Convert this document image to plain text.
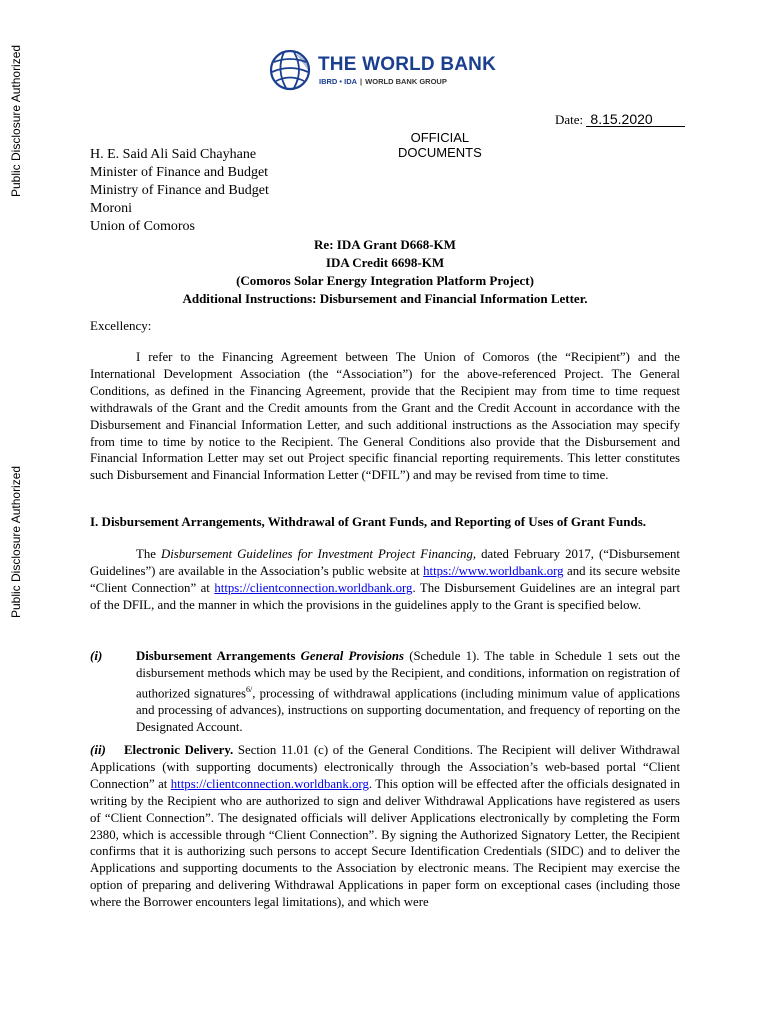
Public Disclosure Authorized
Public Disclosure Authorized
THE WORLD BANK
IBRD • IDA | WORLD BANK GROUP
Date: 8.15.2020
OFFICIAL
DOCUMENTS
H. E. Said Ali Said Chayhane
Minister of Finance and Budget
Ministry of Finance and Budget
Moroni
Union of Comoros
Re: IDA Grant D668-KM
IDA Credit 6698-KM
(Comoros Solar Energy Integration Platform Project)
Additional Instructions: Disbursement and Financial Information Letter.
Excellency:
I refer to the Financing Agreement between The Union of Comoros (the “Recipient”) and the International Development Association (the “Association”) for the above-referenced Project. The General Conditions, as defined in the Financing Agreement, provide that the Recipient may from time to time request withdrawals of the Grant and the Credit amounts from the Grant and the Credit Account in accordance with the Disbursement and Financial Information Letter, and such additional instructions as the Association may specify from time to time by notice to the Recipient. The General Conditions also provide that the Disbursement and Financial Information Letter may set out Project specific financial reporting requirements. This letter constitutes such Disbursement and Financial Information Letter (“DFIL”) and may be revised from time to time.
I. Disbursement Arrangements, Withdrawal of Grant Funds, and Reporting of Uses of Grant Funds.
The Disbursement Guidelines for Investment Project Financing, dated February 2017, (“Disbursement Guidelines”) are available in the Association’s public website at https://www.worldbank.org and its secure website “Client Connection” at https://clientconnection.worldbank.org. The Disbursement Guidelines are an integral part of the DFIL, and the manner in which the provisions in the guidelines apply to the Grant is specified below.
(i)	Disbursement Arrangements General Provisions (Schedule 1). The table in Schedule 1 sets out the disbursement methods which may be used by the Recipient, and conditions, information on registration of authorized signatures$^{6/}$, processing of withdrawal applications (including minimum value of applications and processing of advances), instructions on supporting documentation, and frequency of reporting on the Designated Account.
(ii)	Electronic Delivery. Section 11.01 (c) of the General Conditions. The Recipient will deliver Withdrawal Applications (with supporting documents) electronically through the Association’s web-based portal “Client Connection” at https://clientconnection.worldbank.org. This option will be effected after the officials designated in writing by the Recipient who are authorized to sign and deliver Withdrawal Applications have registered as users of “Client Connection”. The designated officials will deliver Applications electronically by completing the Form 2380, which is accessible through “Client Connection”. By signing the Authorized Signatory Letter, the Recipient confirms that it is authorizing such persons to accept Secure Identification Credentials (SIDC) and to deliver the Applications and supporting documents to the Association by electronic means. The Recipient may exercise the option of preparing and delivering Withdrawal Applications in paper form on exceptional cases (including those where the Borrower encounters legal limitations), and which were
